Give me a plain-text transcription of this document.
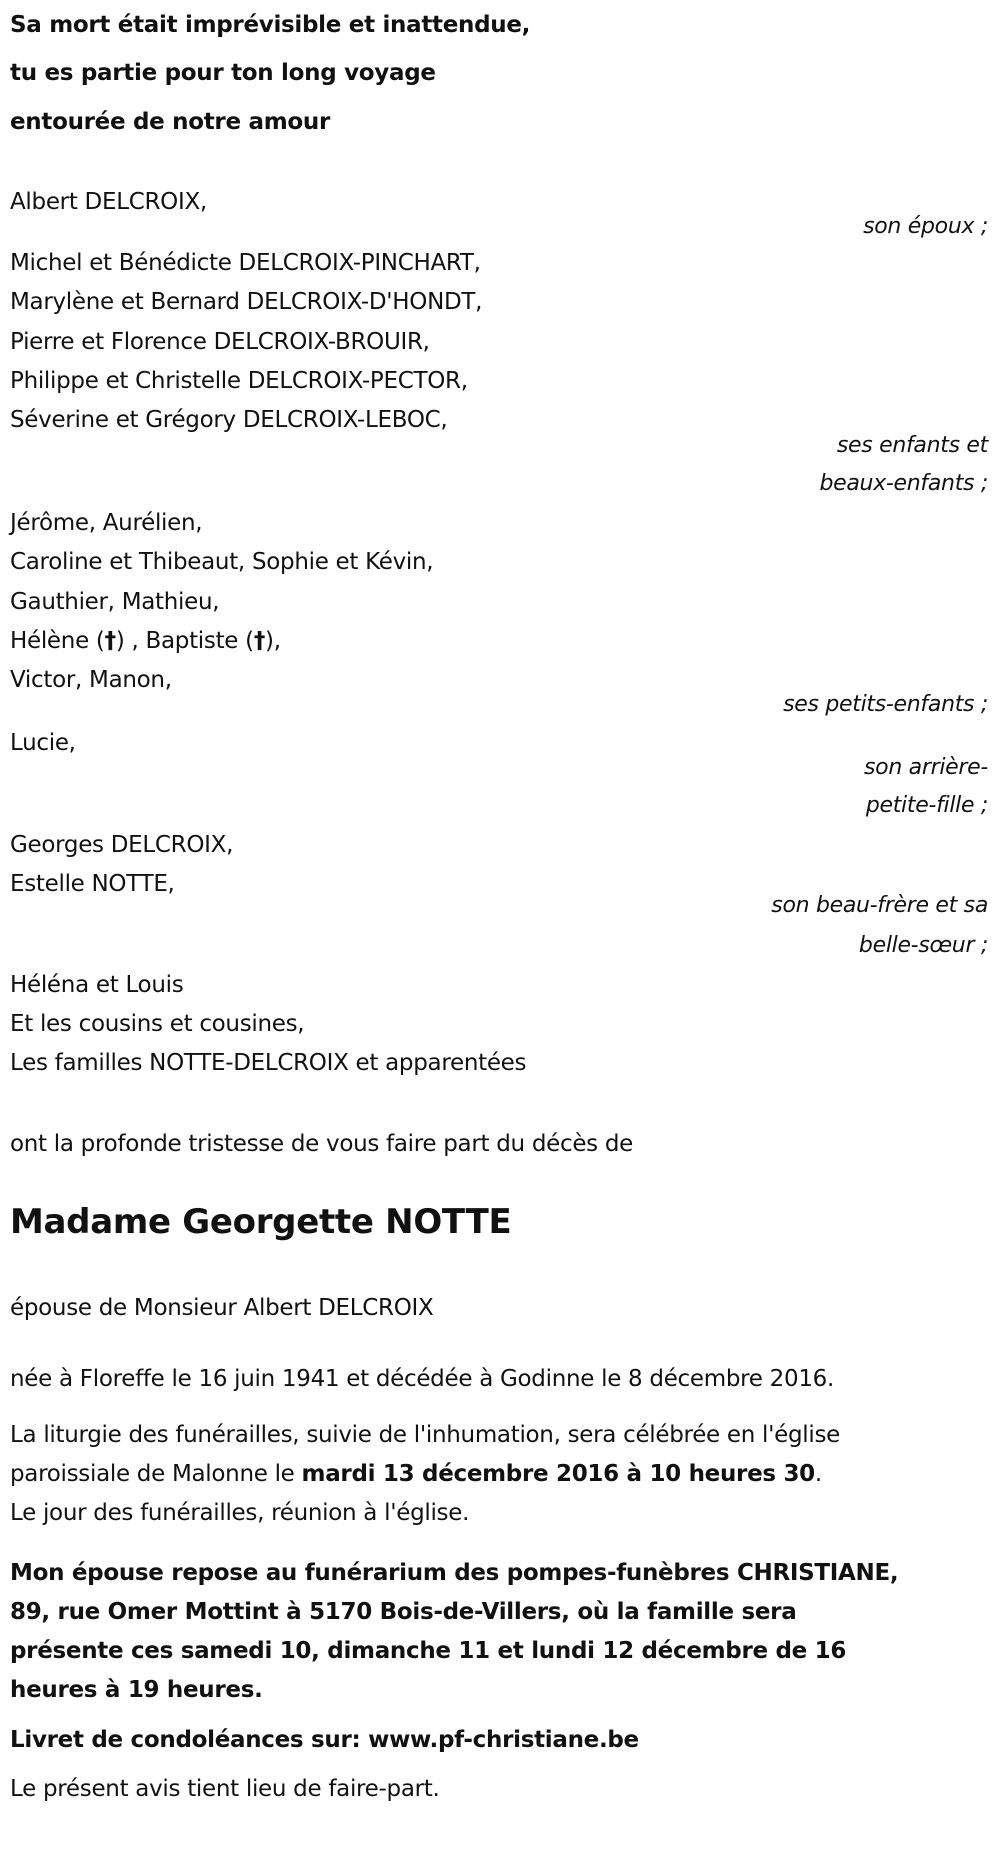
Sa mort était imprévisible et inattendue,
tu es partie pour ton long voyage
entourée de notre amour
Albert DELCROIX,
son époux ;
Michel et Bénédicte DELCROIX-PINCHART,
Marylène et Bernard DELCROIX-D'HONDT,
Pierre et Florence DELCROIX-BROUIR,
Philippe et Christelle DELCROIX-PECTOR,
Séverine et Grégory DELCROIX-LEBOC,
ses enfants et
beaux-enfants ;
Jérôme, Aurélien,
Caroline et Thibeaut, Sophie et Kévin,
Gauthier, Mathieu,
Hélène (†) , Baptiste (†),
Victor, Manon,
ses petits-enfants ;
Lucie,
son arrière-
petite-fille ;
Georges DELCROIX,
Estelle NOTTE,
son beau-frère et sa
belle-sœur ;
Héléna et Louis
Et les cousins et cousines,
Les familles NOTTE-DELCROIX et apparentées
ont la profonde tristesse de vous faire part du décès de
Madame Georgette NOTTE
épouse de Monsieur Albert DELCROIX
née à Floreffe le 16 juin 1941 et décédée à Godinne le 8 décembre 2016.
La liturgie des funérailles, suivie de l'inhumation, sera célébrée en l'église
paroissiale de Malonne le mardi 13 décembre 2016 à 10 heures 30.
Le jour des funérailles, réunion à l'église.
Mon épouse repose au funérarium des pompes-funèbres CHRISTIANE,
89, rue Omer Mottint à 5170 Bois-de-Villers, où la famille sera
présente ces samedi 10, dimanche 11 et lundi 12 décembre de 16
heures à 19 heures.
Livret de condoléances sur: www.pf-christiane.be
Le présent avis tient lieu de faire-part.
